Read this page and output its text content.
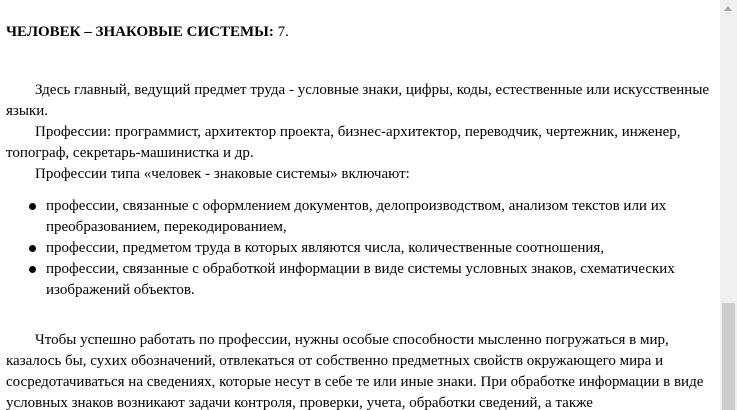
ЧЕЛОВЕК – ЗНАКОВЫЕ СИСТЕМЫ: 7.

Здесь главный, ведущий предмет труда - условные знаки, цифры, коды, естественные или искусственные языки.

Профессии: программист, архитектор проекта, бизнес-архитектор, переводчик, чертежник, инженер, топограф, секретарь-машинистка и др.

Профессии типа «человек - знаковые системы» включают:

профессии, связанные с оформлением документов, делопроизводством, анализом текстов или их преобразованием, перекодированием,
профессии, предметом труда в которых являются числа, количественные соотношения,
профессии, связанные с обработкой информации в виде системы условных знаков, схематических изображений объектов.

Чтобы успешно работать по профессии, нужны особые способности мысленно погружаться в мир, казалось бы, сухих обозначений, отвлекаться от собственно предметных свойств окружающего мира и сосредотачиваться на сведениях, которые несут в себе те или иные знаки. При обработке информации в виде условных знаков возникают задачи контроля, проверки, учета, обработки сведений, а также
